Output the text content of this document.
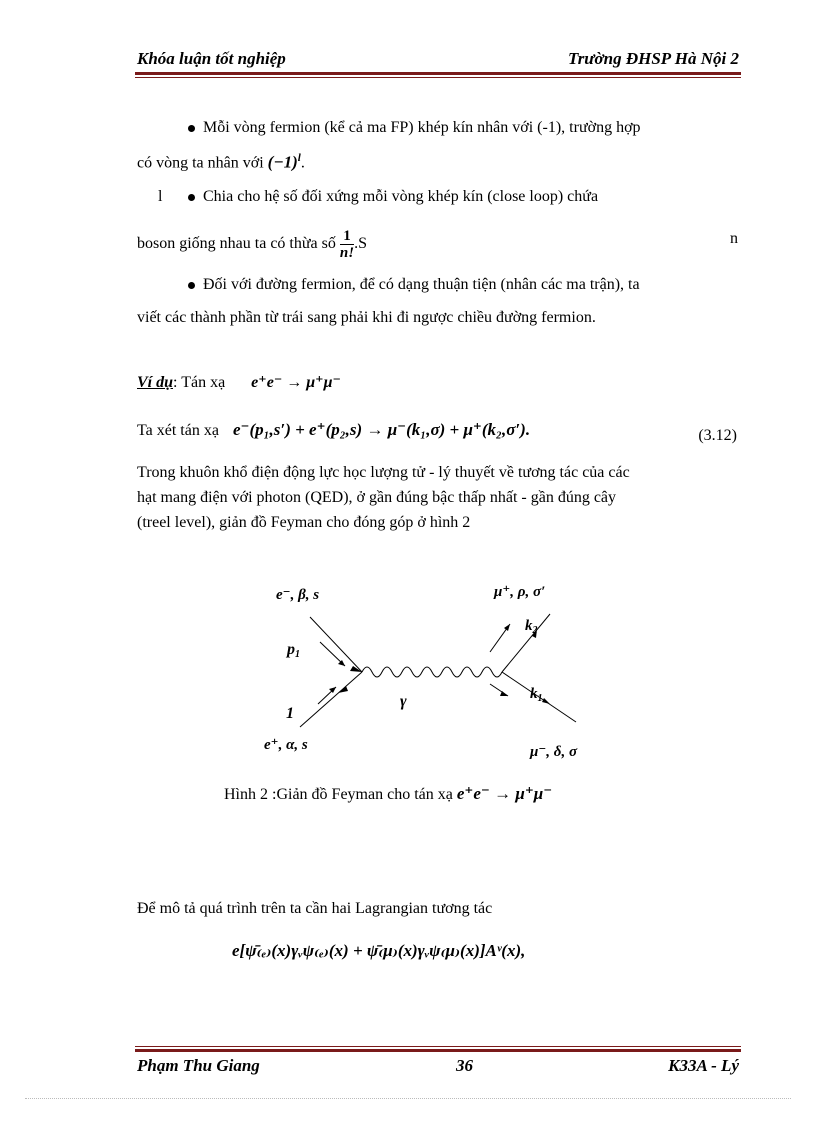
Khóa luận tốt nghiệp	Trường ĐHSP Hà Nội 2
Mỗi vòng fermion (kể cả ma FP) khép kín nhân với (-1), trường hợp
có vòng ta nhân với $(-1)^l$.
l	Chia cho hệ số đối xứng mỗi vòng khép kín (close loop) chứa
boson giống nhau ta có thừa số $\frac{1}{n!} .S$	n
Đối với đường fermion, để có dạng thuận tiện (nhân các ma trận), ta
viết các thành phần từ trái sang phải khi đi ngược chiều đường fermion.
Ví dụ: Tán xạ e⁺e⁻ → μ⁺μ⁻
Ta xét tán xạ e⁻(p₁,s′) + e⁺(p₂,s) → μ⁻(k₁,σ) + μ⁺(k₂,σ′).	(3.12)
Trong khuôn khổ điện động lực học lượng tử - lý thuyết về tương tác của các
hạt mang điện với photon (QED), ở gần đúng bậc thấp nhất - gần đúng cây
(treel level), giản đồ Feyman cho đóng góp ở hình 2
e⁻, β, s
p1
1
e⁺, α, s
γ
μ⁺, ρ, σ′
$k_2$
$k_1$
μ⁻, δ, σ
Hình 2 :Giản đồ Feyman cho tán xạ e⁺e⁻ → μ⁺μ⁻
Để mô tả quá trình trên ta cần hai Lagrangian tương tác
e[ψ̄₍ₑ₎(x)γᵥψ₍ₑ₎(x) + ψ̄₍μ₎(x)γᵥψ₍μ₎(x)]Aᵛ(x),
Phạm Thu Giang	36	K33A - Lý
